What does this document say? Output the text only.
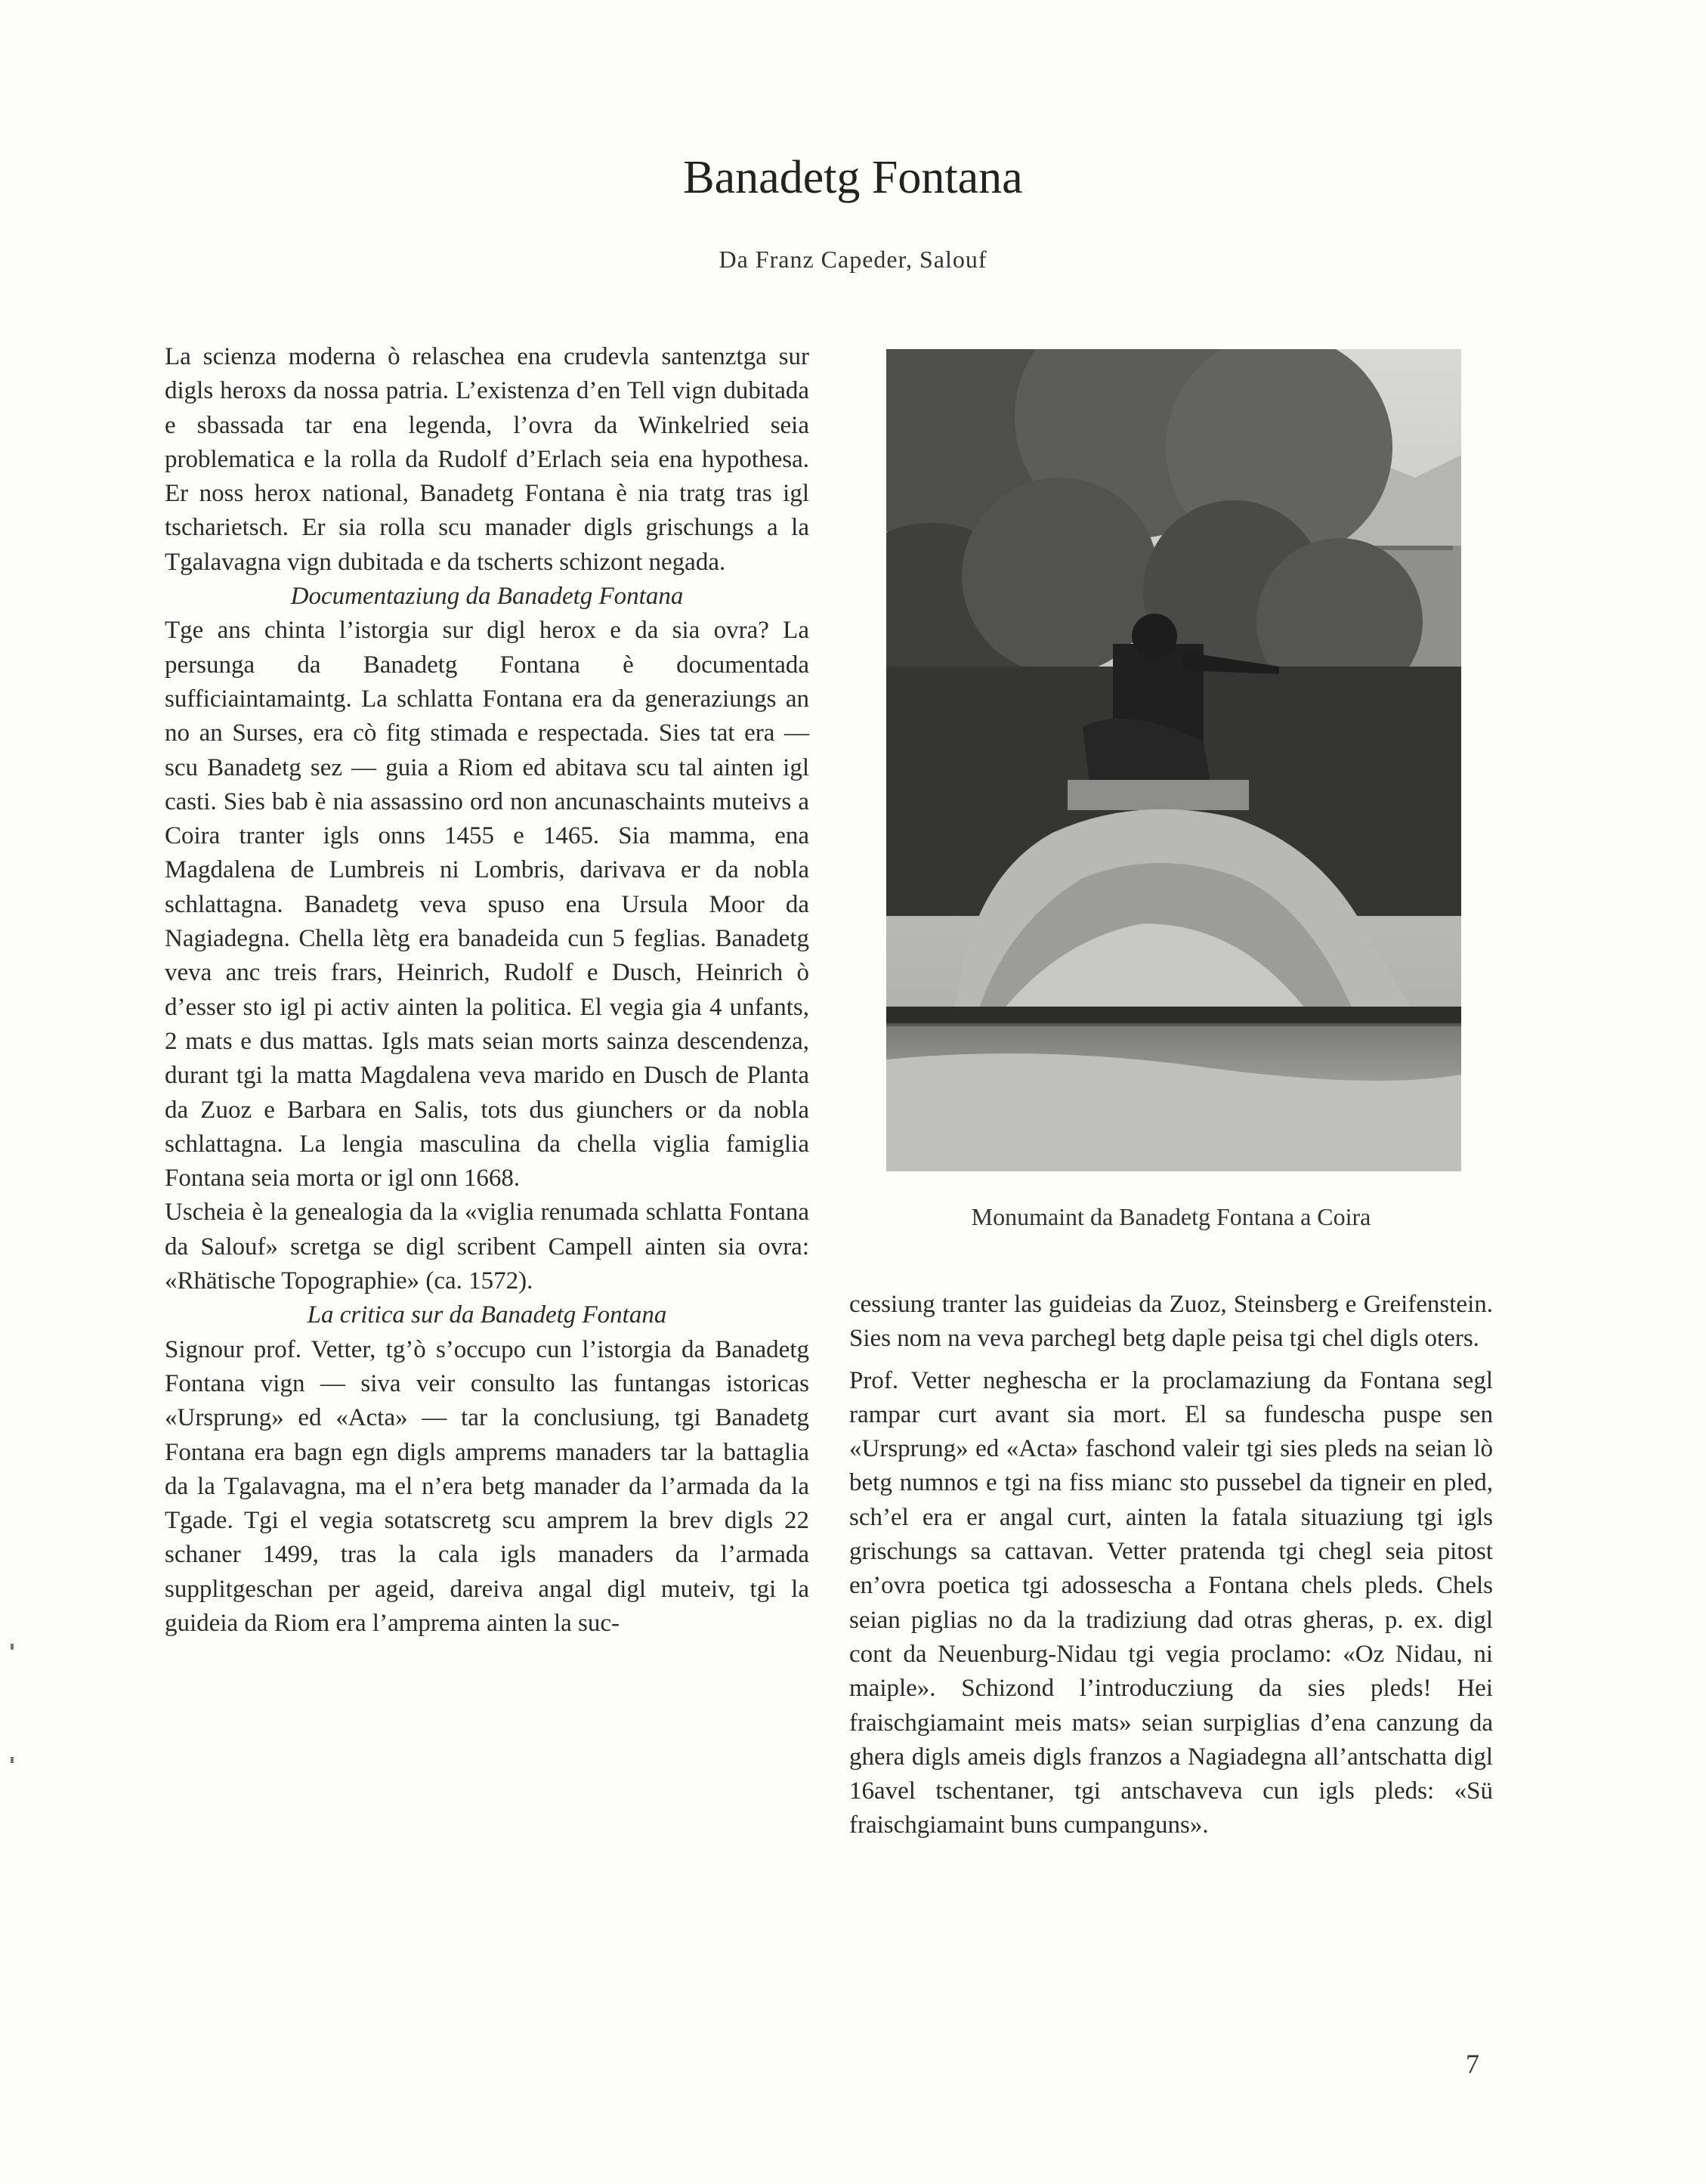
Banadetg Fontana
Da Franz Capeder, Salouf

La scienza moderna ò relaschea ena crudevla santenztga sur digls heroxs da nossa patria. L’existenza d’en Tell vign dubitada e sbassada tar ena legenda, l’ovra da Winkelried seia problematica e la rolla da Rudolf d’Erlach seia ena hypothesa. Er noss herox national, Banadetg Fontana è nia tratg tras igl tscharietsch. Er sia rolla scu manader digls grischungs a la Tgalavagna vign dubitada e da tscherts schizont negada.

Documentaziung da Banadetg Fontana

Tge ans chinta l’istorgia sur digl herox e da sia ovra? La persunga da Banadetg Fontana è documentada sufficiaintamaintg. La schlatta Fontana era da generaziungs an no an Surses, era cò fitg stimada e respectada. Sies tat era — scu Banadetg sez — guia a Riom ed abitava scu tal ainten igl casti. Sies bab è nia assassino ord non ancunaschaints muteivs a Coira tranter igls onns 1455 e 1465. Sia mamma, ena Magdalena de Lumbreis ni Lombris, darivava er da nobla schlattagna. Banadetg veva spuso ena Ursula Moor da Nagiadegna. Chella lètg era banadeida cun 5 feglias. Banadetg veva anc treis frars, Heinrich, Rudolf e Dusch, Heinrich ò d’esser sto igl pi activ ainten la politica. El vegia gia 4 unfants, 2 mats e dus mattas. Igls mats seian morts sainza descendenza, durant tgi la matta Magdalena veva marido en Dusch de Planta da Zuoz e Barbara en Salis, tots dus giunchers or da nobla schlattagna. La lengia masculina da chella viglia famiglia Fontana seia morta or igl onn 1668.

Uscheia è la genealogia da la «viglia renumada schlatta Fontana da Salouf» scretga se digl scribent Campell ainten sia ovra: «Rhätische Topographie» (ca. 1572).

La critica sur da Banadetg Fontana

Signour prof. Vetter, tg’ò s’occupo cun l’istorgia da Banadetg Fontana vign — siva veir consulto las funtangas istoricas «Ursprung» ed «Acta» — tar la conclusiung, tgi Banadetg Fontana era bagn egn digls amprems manaders tar la battaglia da la Tgalavagna, ma el n’era betg manader da l’armada da la Tgade. Tgi el vegia sotatscretg scu amprem la brev digls 22 schaner 1499, tras la cala igls manaders da l’armada supplitgeschan per ageid, dareiva angal digl muteiv, tgi la guideia da Riom era l’amprema ainten la suc-

Monumaint da Banadetg Fontana a Coira

cessiung tranter las guideias da Zuoz, Steinsberg e Greifenstein. Sies nom na veva parchegl betg daple peisa tgi chel digls oters.

Prof. Vetter neghescha er la proclamaziung da Fontana segl rampar curt avant sia mort. El sa fundescha puspe sen «Ursprung» ed «Acta» faschond valeir tgi sies pleds na seian lò betg numnos e tgi na fiss mianc sto pussebel da tigneir en pled, sch’el era er angal curt, ainten la fatala situaziung tgi igls grischungs sa cattavan. Vetter pratenda tgi chegl seia pitost en’ovra poetica tgi adossescha a Fontana chels pleds. Chels seian piglias no da la tradiziung dad otras gheras, p. ex. digl cont da Neuenburg-Nidau tgi vegia proclamo: «Oz Nidau, ni maiple». Schizond l’introducziung da sies pleds! Hei fraischgiamaint meis mats» seian surpiglias d’ena canzung da ghera digls ameis digls franzos a Nagiadegna all’antschatta digl 16avel tschentaner, tgi antschaveva cun igls pleds: «Sü fraischgiamaint buns cumpanguns».

7
